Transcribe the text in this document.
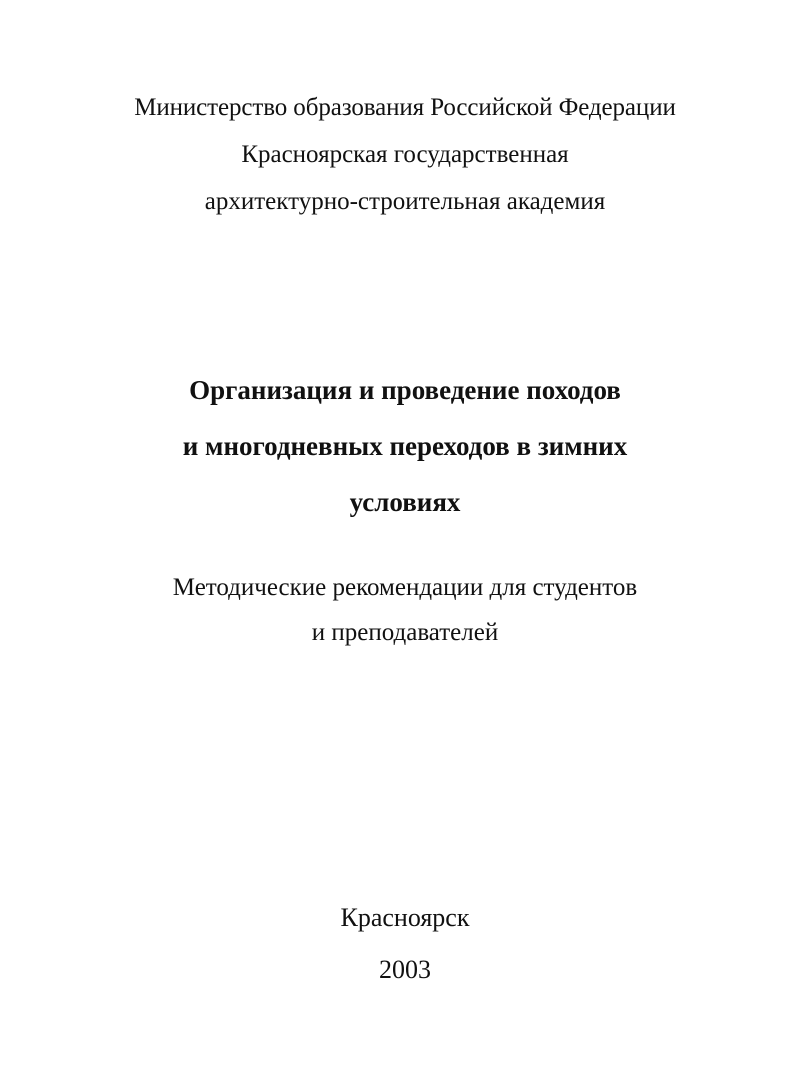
Министерство образования Российской Федерации
Красноярская государственная
архитектурно-строительная академия
Организация и проведение походов
и многодневных переходов в зимних
условиях
Методические рекомендации для студентов
и преподавателей
Красноярск
2003
